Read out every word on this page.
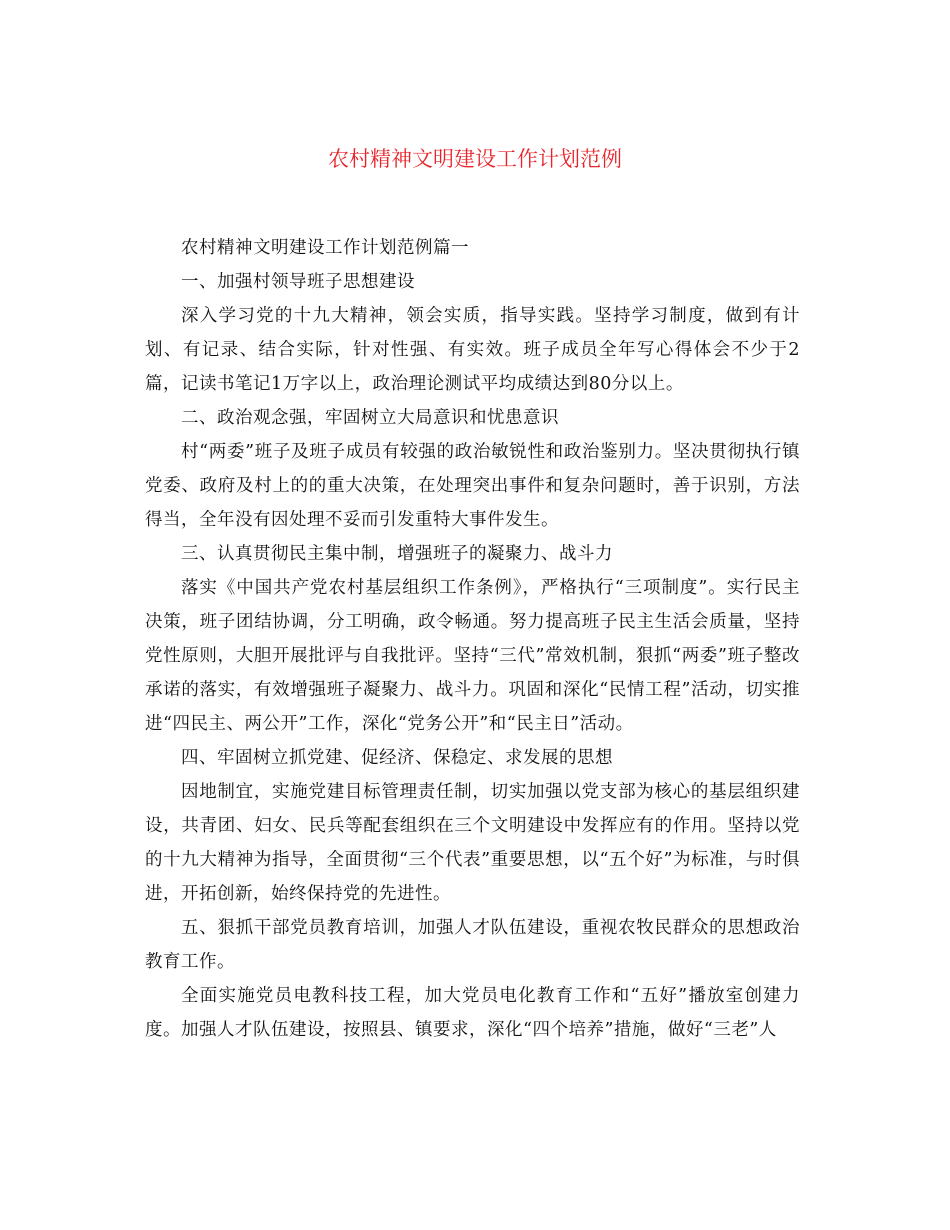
农村精神文明建设工作计划范例

农村精神文明建设工作计划范例篇一

一、加强村领导班子思想建设

深入学习党的十九大精神，领会实质，指导实践。坚持学习制度，做到有计划、有记录、结合实际，针对性强、有实效。班子成员全年写心得体会不少于2篇，记读书笔记1万字以上，政治理论测试平均成绩达到80分以上。

二、政治观念强，牢固树立大局意识和忧患意识

村“两委”班子及班子成员有较强的政治敏锐性和政治鉴别力。坚决贯彻执行镇党委、政府及村上的的重大决策，在处理突出事件和复杂问题时，善于识别，方法得当，全年没有因处理不妥而引发重特大事件发生。

三、认真贯彻民主集中制，增强班子的凝聚力、战斗力

落实《中国共产党农村基层组织工作条例》，严格执行“三项制度”。实行民主决策，班子团结协调，分工明确，政令畅通。努力提高班子民主生活会质量，坚持党性原则，大胆开展批评与自我批评。坚持“三代”常效机制，狠抓“两委”班子整改承诺的落实，有效增强班子凝聚力、战斗力。巩固和深化“民情工程”活动，切实推进“四民主、两公开”工作，深化“党务公开”和“民主日”活动。

四、牢固树立抓党建、促经济、保稳定、求发展的思想

因地制宜，实施党建目标管理责任制，切实加强以党支部为核心的基层组织建设，共青团、妇女、民兵等配套组织在三个文明建设中发挥应有的作用。坚持以党的十九大精神为指导，全面贯彻“三个代表”重要思想，以“五个好”为标准，与时俱进，开拓创新，始终保持党的先进性。

五、狠抓干部党员教育培训，加强人才队伍建设，重视农牧民群众的思想政治教育工作。

全面实施党员电教科技工程，加大党员电化教育工作和“五好”播放室创建力度。加强人才队伍建设，按照县、镇要求，深化“四个培养”措施，做好“三老”人
